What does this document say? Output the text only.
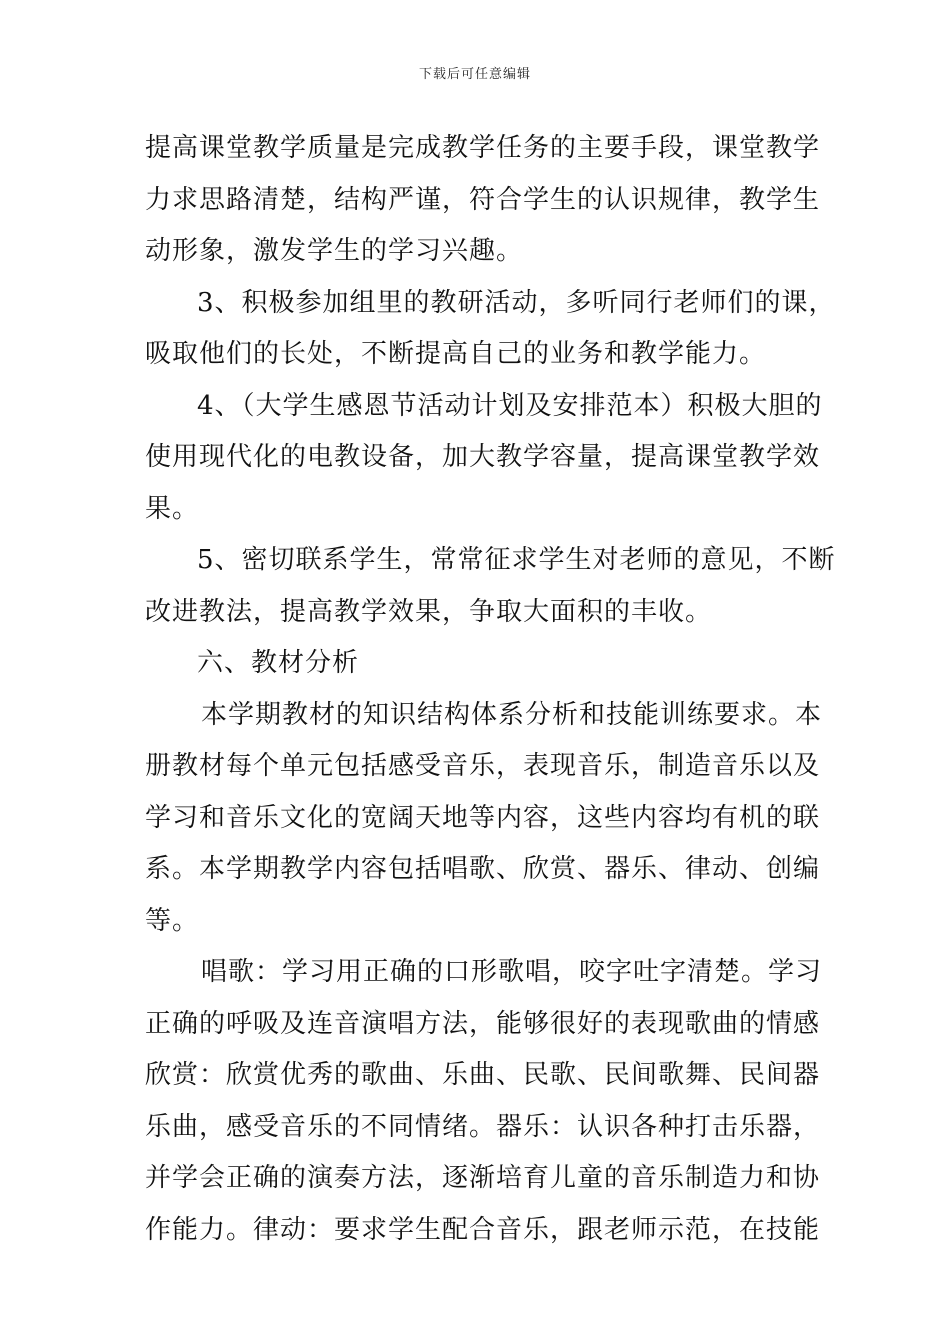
下载后可任意编辑
提高课堂教学质量是完成教学任务的主要手段，课堂教学
力求思路清楚，结构严谨，符合学生的认识规律，教学生
动形象，激发学生的学习兴趣。
3、积极参加组里的教研活动，多听同行老师们的课，
吸取他们的长处，不断提高自己的业务和教学能力。
4、（大学生感恩节活动计划及安排范本）积极大胆的
使用现代化的电教设备，加大教学容量，提高课堂教学效
果。
5、密切联系学生，常常征求学生对老师的意见，不断
改进教法，提高教学效果，争取大面积的丰收。
六、教材分析
本学期教材的知识结构体系分析和技能训练要求。本
册教材每个单元包括感受音乐，表现音乐，制造音乐以及
学习和音乐文化的宽阔天地等内容，这些内容均有机的联
系。本学期教学内容包括唱歌、欣赏、器乐、律动、创编
等。
唱歌：学习用正确的口形歌唱，咬字吐字清楚。学习
正确的呼吸及连音演唱方法，能够很好的表现歌曲的情感
欣赏：欣赏优秀的歌曲、乐曲、民歌、民间歌舞、民间器
乐曲，感受音乐的不同情绪。器乐：认识各种打击乐器，
并学会正确的演奏方法，逐渐培育儿童的音乐制造力和协
作能力。律动：要求学生配合音乐，跟老师示范，在技能
